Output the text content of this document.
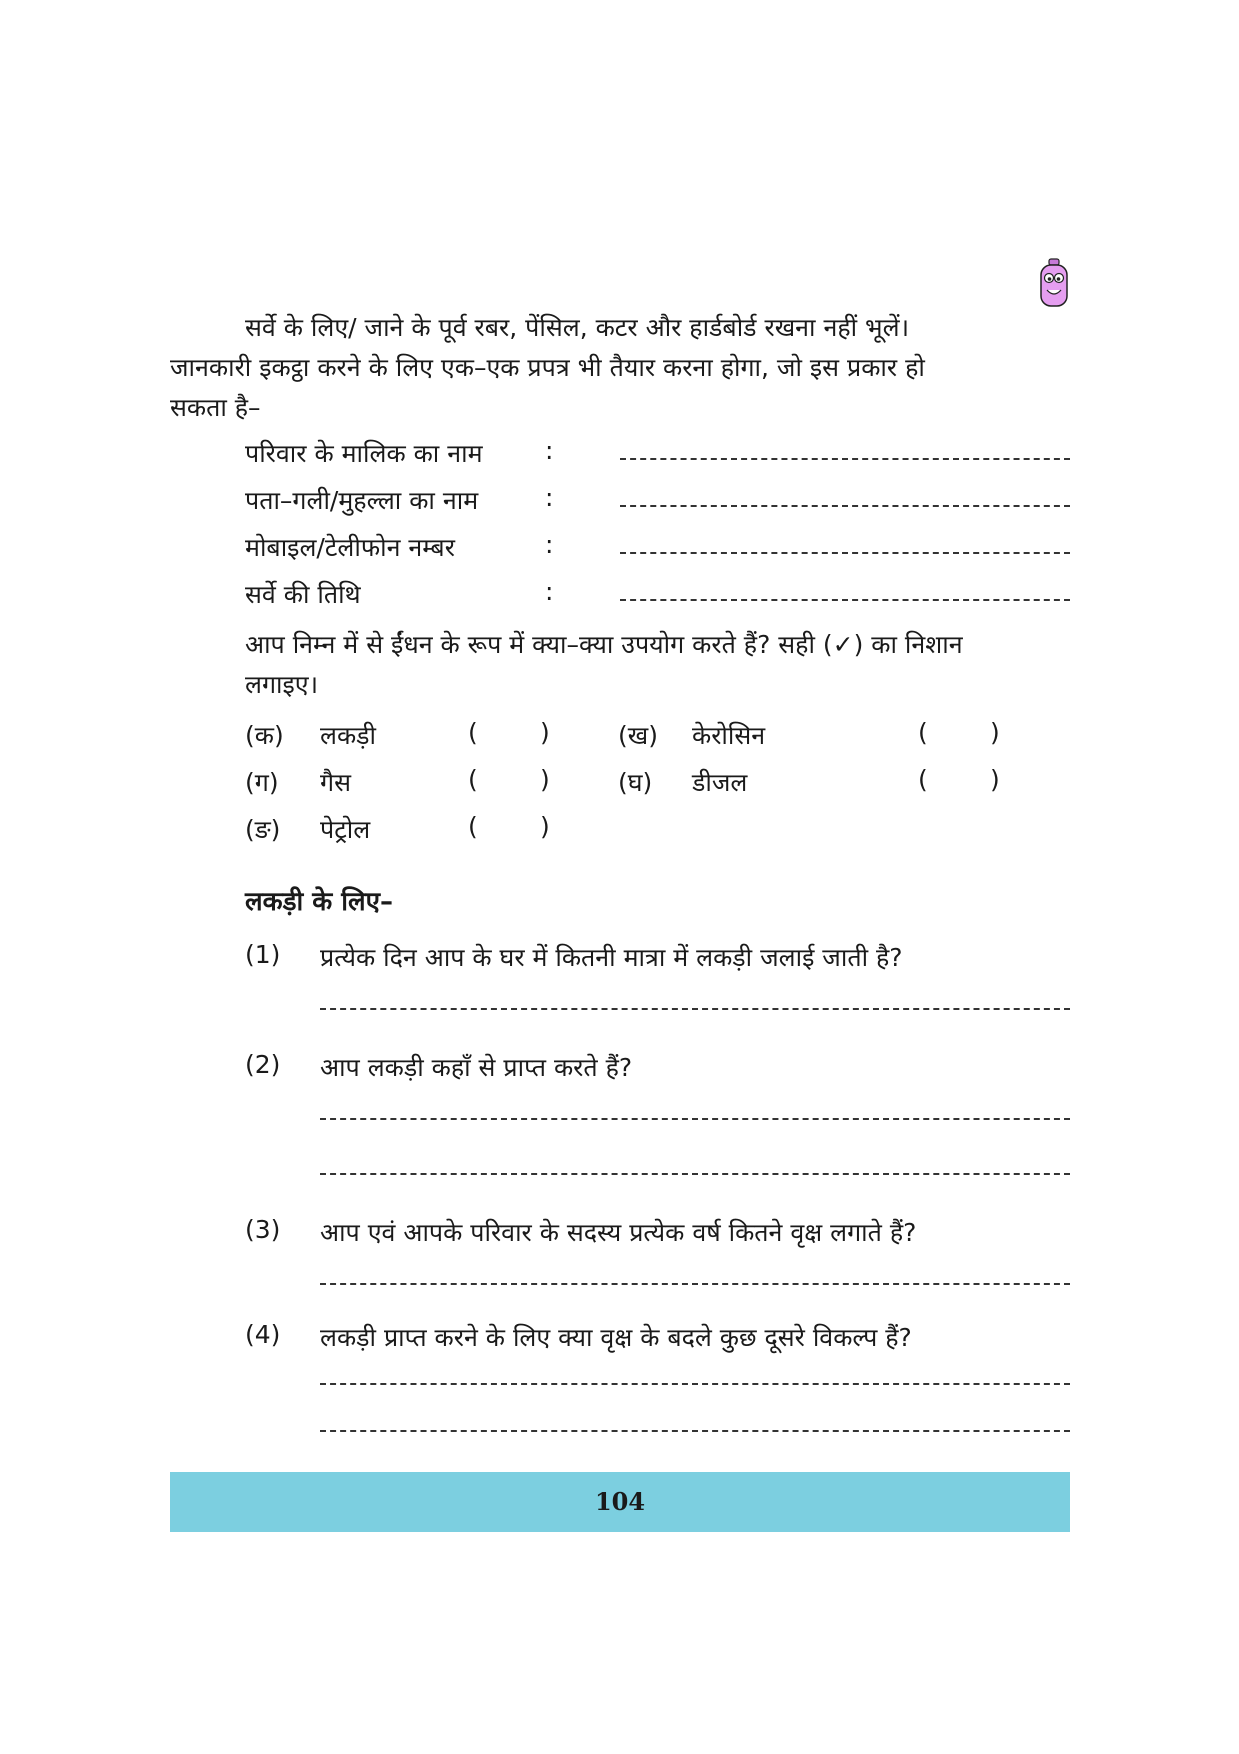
सर्वे के लिए/ जाने के पूर्व रबर, पेंसिल, कटर और हार्डबोर्ड रखना नहीं भूलें।

जानकारी इकट्ठा करने के लिए एक–एक प्रपत्र भी तैयार करना होगा, जो इस प्रकार हो

सकता है–

परिवार के मालिक का नाम :
पता–गली/मुहल्ला का नाम	:
मोबाइल/टेलीफोन नम्बर	:
सर्वे की तिथि	:
आप निम्न में से ईंधन के रूप में क्या–क्या उपयोग करते हैं? सही (✓) का निशान
लगाइए।
(क) लकड़ी	( )	(ख) केरोसिन	( )
(ग) गैस	( )	(घ) डीजल	( )
(ङ) पेट्रोल	( )
लकड़ी के लिए–
(1) प्रत्येक दिन आप के घर में कितनी मात्रा में लकड़ी जलाई जाती है?
(2) आप लकड़ी कहाँ से प्राप्त करते हैं?
(3) आप एवं आपके परिवार के सदस्य प्रत्येक वर्ष कितने वृक्ष लगाते हैं?
(4) लकड़ी प्राप्त करने के लिए क्या वृक्ष के बदले कुछ दूसरे विकल्प हैं?
104
